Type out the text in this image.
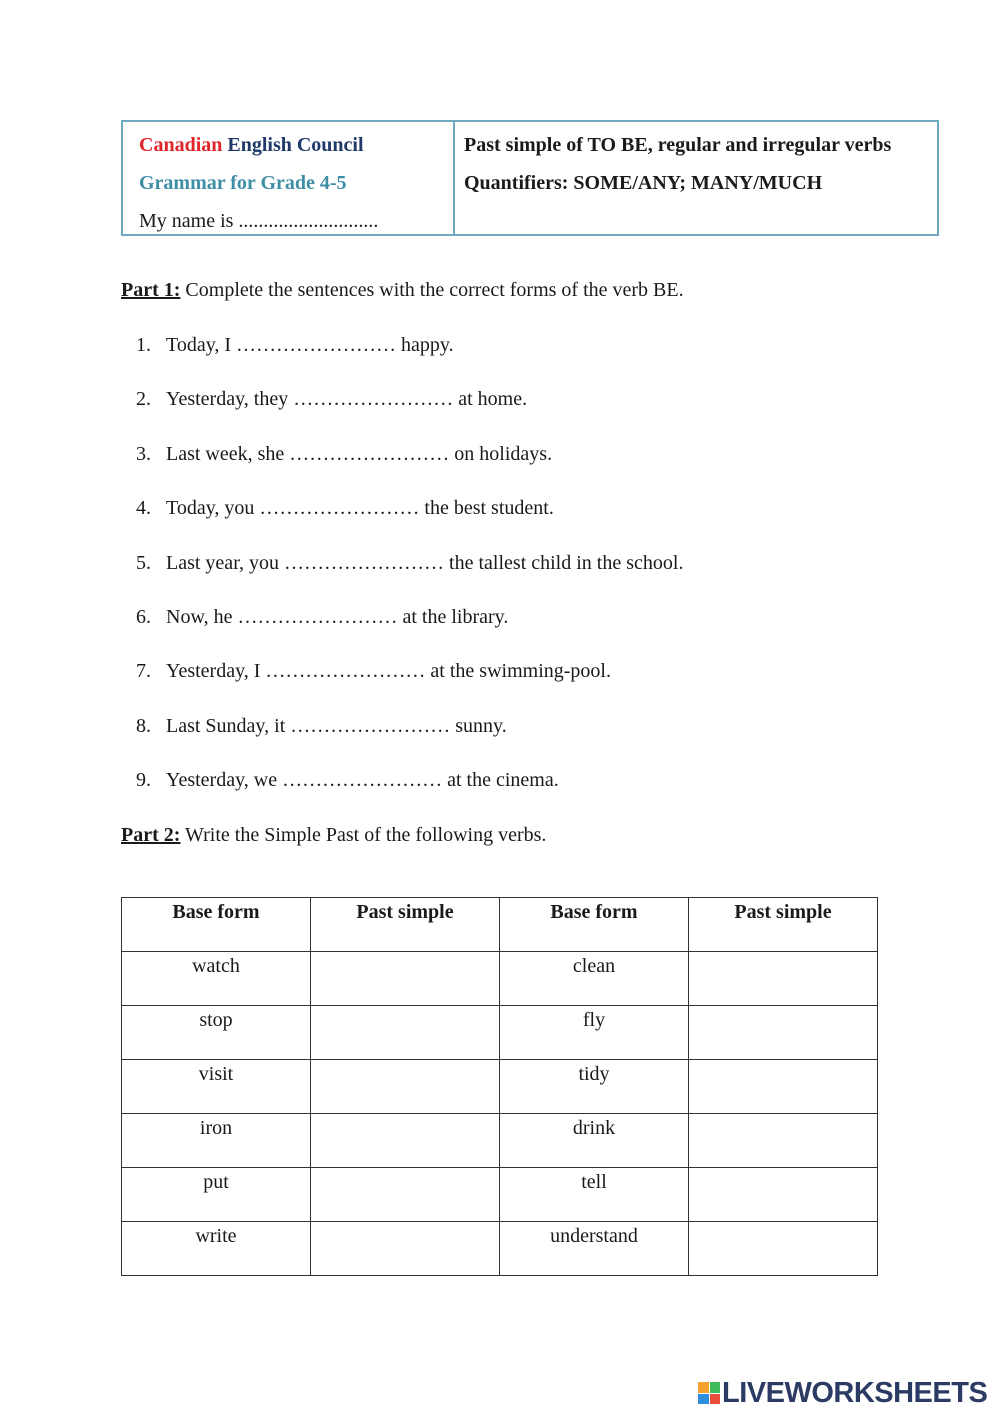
Canadian English Council
Grammar for Grade 4-5
My name is ............................
Past simple of TO BE, regular and irregular verbs
Quantifiers: SOME/ANY; MANY/MUCH
Part 1: Complete the sentences with the correct forms of the verb BE.
1. Today, I …………………… happy.
2. Yesterday, they …………………… at home.
3. Last week, she …………………… on holidays.
4. Today, you …………………… the best student.
5. Last year, you …………………… the tallest child in the school.
6. Now, he …………………… at the library.
7. Yesterday, I …………………… at the swimming-pool.
8. Last Sunday, it …………………… sunny.
9. Yesterday, we …………………… at the cinema.
Part 2: Write the Simple Past of the following verbs.
Base form	Past simple	Base form	Past simple
watch		clean	
stop		fly	
visit		tidy	
iron		drink	
put		tell	
write		understand	
LIVEWORKSHEETS
